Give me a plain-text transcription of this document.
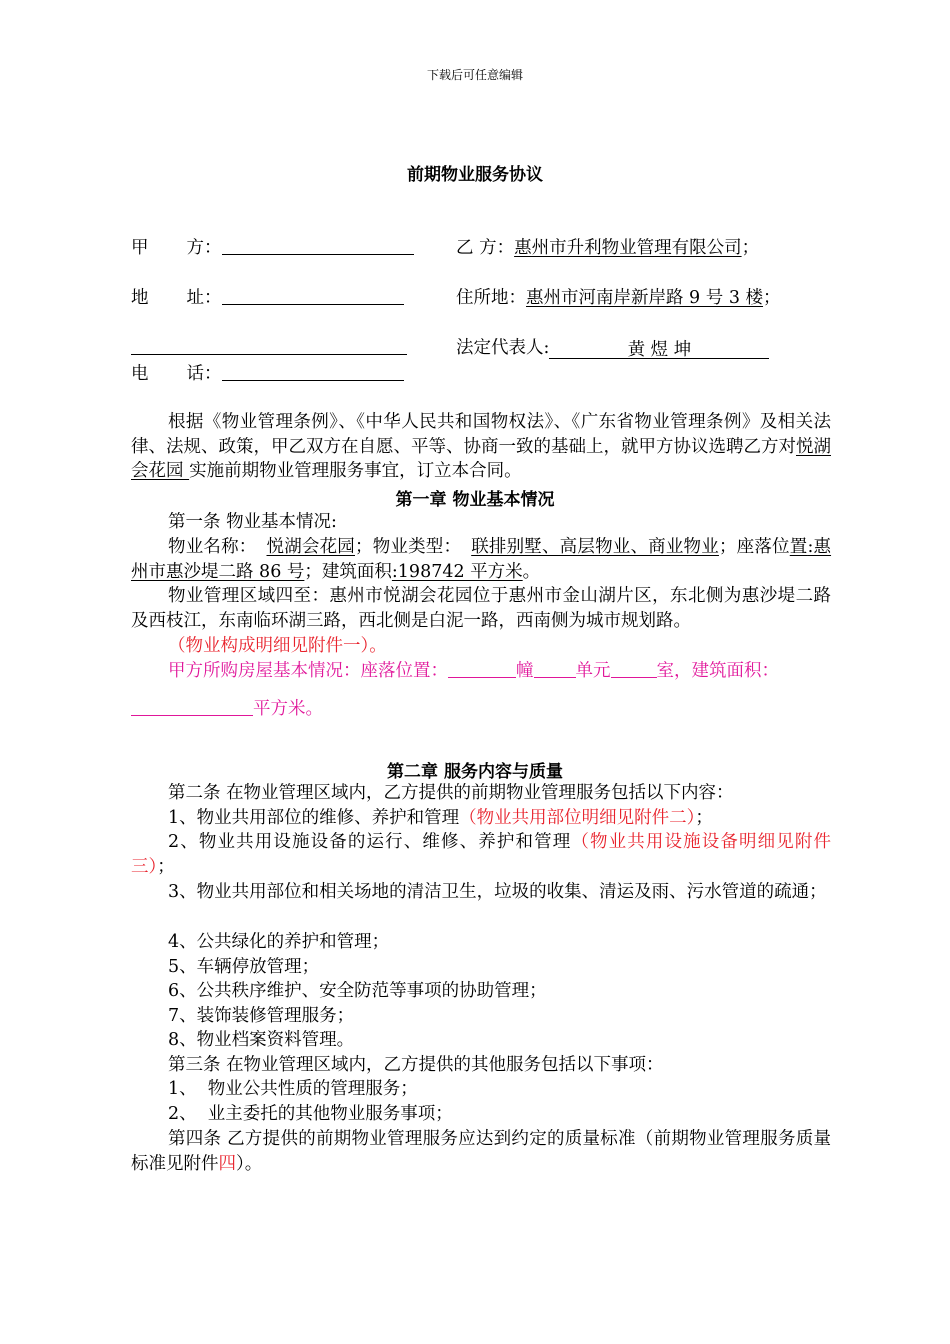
下载后可任意编辑
前期物业服务协议
甲 方：	乙 方：惠州市升利物业管理有限公司；
地 址：	住所地：惠州市河南岸新岸路 9 号 3 楼；
法定代表人:	黄 煜 坤
电 话：
根据《物业管理条例》、《中华人民共和国物权法》、《广东省物业管理条例》及相关法律、法规、政策，甲乙双方在自愿、平等、协商一致的基础上，就甲方协议选聘乙方对悦湖会花园 实施前期物业管理服务事宜，订立本合同。
第一章 物业基本情况
第一条 物业基本情况:
物业名称： 悦湖会花园；物业类型： 联排别墅、高层物业、商业物业；座落位置:惠州市惠沙堤二路 86 号；建筑面积:198742 平方米。
物业管理区域四至：惠州市悦湖会花园位于惠州市金山湖片区，东北侧为惠沙堤二路及西枝江，东南临环湖三路，西北侧是白泥一路，西南侧为城市规划路。
（物业构成明细见附件一）。
甲方所购房屋基本情况：座落位置：	幢 单元	室，建筑面积：
平方米。
第二章 服务内容与质量
第二条 在物业管理区域内，乙方提供的前期物业管理服务包括以下内容：
1、物业共用部位的维修、养护和管理（物业共用部位明细见附件二）；
2、物业共用设施设备的运行、维修、养护和管理（物业共用设施设备明细见附件三）；
3、物业共用部位和相关场地的清洁卫生，垃圾的收集、清运及雨、污水管道的疏通；
4、公共绿化的养护和管理；
5、车辆停放管理；
6、公共秩序维护、安全防范等事项的协助管理；
7、装饰装修管理服务；
8、物业档案资料管理。
第三条 在物业管理区域内，乙方提供的其他服务包括以下事项：
1、  物业公共性质的管理服务；
2、  业主委托的其他物业服务事项；
第四条 乙方提供的前期物业管理服务应达到约定的质量标准（前期物业管理服务质量标准见附件四）。
